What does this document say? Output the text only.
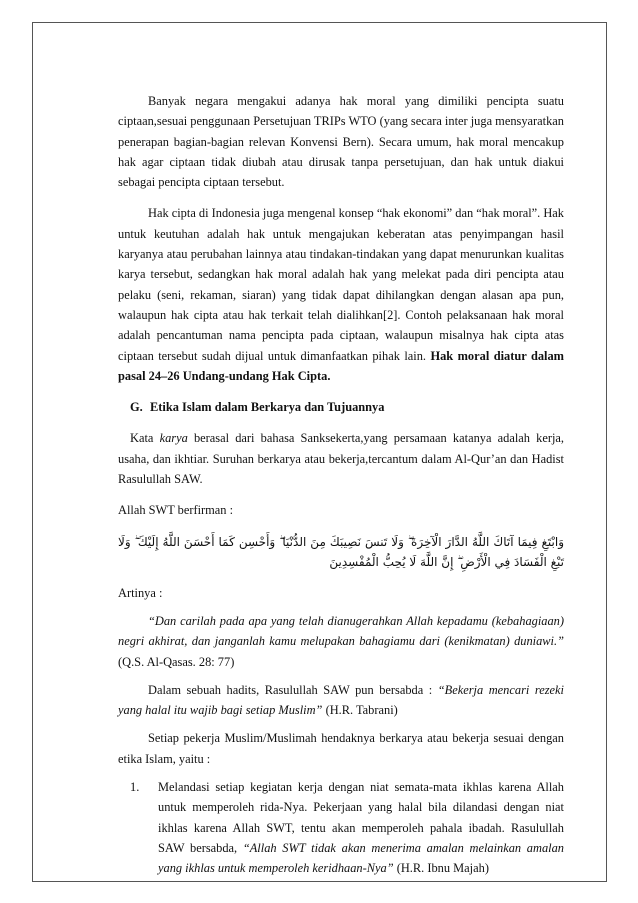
Banyak negara mengakui adanya hak moral yang dimiliki pencipta suatu ciptaan,sesuai penggunaan Persetujuan TRIPs WTO (yang secara inter juga mensyaratkan penerapan bagian-bagian relevan Konvensi Bern). Secara umum, hak moral mencakup hak agar ciptaan tidak diubah atau dirusak tanpa persetujuan, dan hak untuk diakui sebagai pencipta ciptaan tersebut.

Hak cipta di Indonesia juga mengenal konsep “hak ekonomi” dan “hak moral”. Hak untuk keutuhan adalah hak untuk mengajukan keberatan atas penyimpangan hasil karyanya atau perubahan lainnya atau tindakan-tindakan yang dapat menurunkan kualitas karya tersebut, sedangkan hak moral adalah hak yang melekat pada diri pencipta atau pelaku (seni, rekaman, siaran) yang tidak dapat dihilangkan dengan alasan apa pun, walaupun hak cipta atau hak terkait telah dialihkan[2]. Contoh pelaksanaan hak moral adalah pencantuman nama pencipta pada ciptaan, walaupun misalnya hak cipta atas ciptaan tersebut sudah dijual untuk dimanfaatkan pihak lain. Hak moral diatur dalam pasal 24–26 Undang-undang Hak Cipta.

G. Etika Islam dalam Berkarya dan Tujuannya

Kata karya berasal dari bahasa Sanksekerta,yang persamaan katanya adalah kerja, usaha, dan ikhtiar. Suruhan berkarya atau bekerja,tercantum dalam Al-Qur’an dan Hadist Rasulullah SAW.

Allah SWT berfirman :

وَابْتَغِ فِيمَا آتَاكَ اللَّهُ الدَّارَ الْآخِرَةَ ۖ وَلَا تَنسَ نَصِيبَكَ مِنَ الدُّنْيَا ۖ وَأَحْسِن كَمَا أَحْسَنَ اللَّهُ إِلَيْكَ ۖ وَلَا تَبْغِ الْفَسَادَ فِي الْأَرْضِ ۖ إِنَّ اللَّهَ لَا يُحِبُّ الْمُفْسِدِينَ

Artinya :

“Dan carilah pada apa yang telah dianugerahkan Allah kepadamu (kebahagiaan) negri akhirat, dan janganlah kamu melupakan bahagiamu dari (kenikmatan) duniawi.” (Q.S. Al-Qasas. 28: 77)

Dalam sebuah hadits, Rasulullah SAW pun bersabda : “Bekerja mencari rezeki yang halal itu wajib bagi setiap Muslim” (H.R. Tabrani)

Setiap pekerja Muslim/Muslimah hendaknya berkarya atau bekerja sesuai dengan etika Islam, yaitu :

1. Melandasi setiap kegiatan kerja dengan niat semata-mata ikhlas karena Allah untuk memperoleh rida-Nya. Pekerjaan yang halal bila dilandasi dengan niat ikhlas karena Allah SWT, tentu akan memperoleh pahala ibadah. Rasulullah SAW bersabda, “Allah SWT tidak akan menerima amalan melainkan amalan yang ikhlas untuk memperoleh keridhaan-Nya” (H.R. Ibnu Majah)
